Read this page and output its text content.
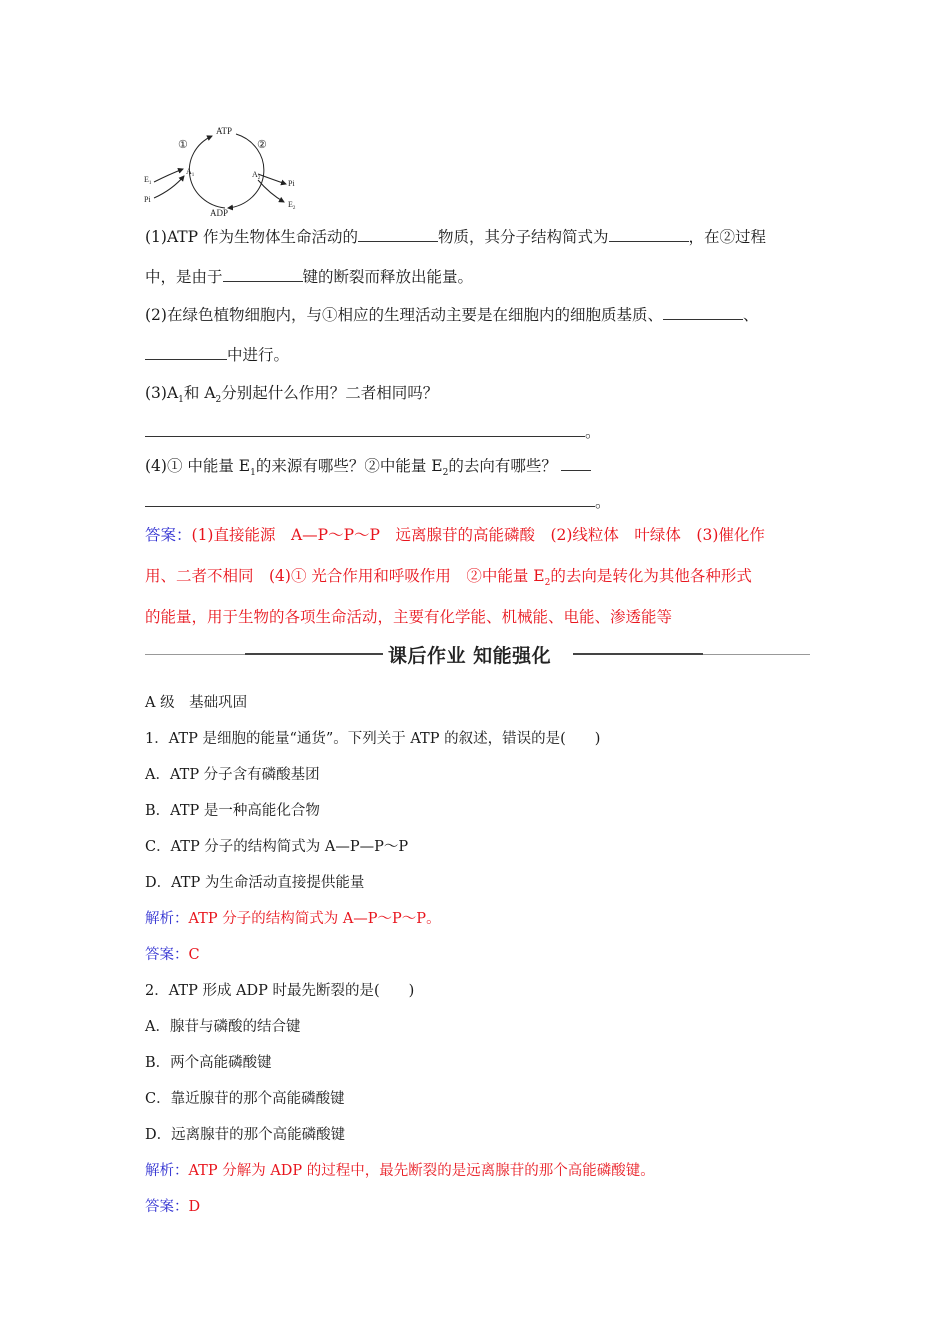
ATP
ADP
①	②
$A_1$	$A_2$
$E_1$
Pi
Pi
$E_2$
(1)ATP 作为生物体生命活动的	物质，其分子结构简式为	，在②过程
中，是由于	键的断裂而释放出能量。
(2)在绿色植物细胞内，与①相应的生理活动主要是在细胞内的细胞质基质、	、
中进行。
$(3)A_1$和 $A_2$分别起什么作用？二者相同吗？
。
(4)① 中能量 $E_1$的来源有哪些？②中能量 $E_2$的去向有哪些？
。
答案：(1)直接能源　A—P～P～P　远离腺苷的高能磷酸　(2)线粒体　叶绿体　(3)催化作
用、二者不相同　(4)① 光合作用和呼吸作用　②中能量 $E_2$的去向是转化为其他各种形式
的能量，用于生物的各项生命活动，主要有化学能、机械能、电能、渗透能等
课后作业 知能强化
A 级　基础巩固
1．ATP 是细胞的能量“通货”。下列关于 ATP 的叙述，错误的是(　　)
A．ATP 分子含有磷酸基团
B．ATP 是一种高能化合物
C．ATP 分子的结构简式为 A—P—P～P
D．ATP 为生命活动直接提供能量
解析：ATP 分子的结构简式为 A—P～P～P。
答案：C
2．ATP 形成 ADP 时最先断裂的是(　　)
A．腺苷与磷酸的结合键
B．两个高能磷酸键
C．靠近腺苷的那个高能磷酸键
D．远离腺苷的那个高能磷酸键
解析：ATP 分解为 ADP 的过程中，最先断裂的是远离腺苷的那个高能磷酸键。
答案：D
